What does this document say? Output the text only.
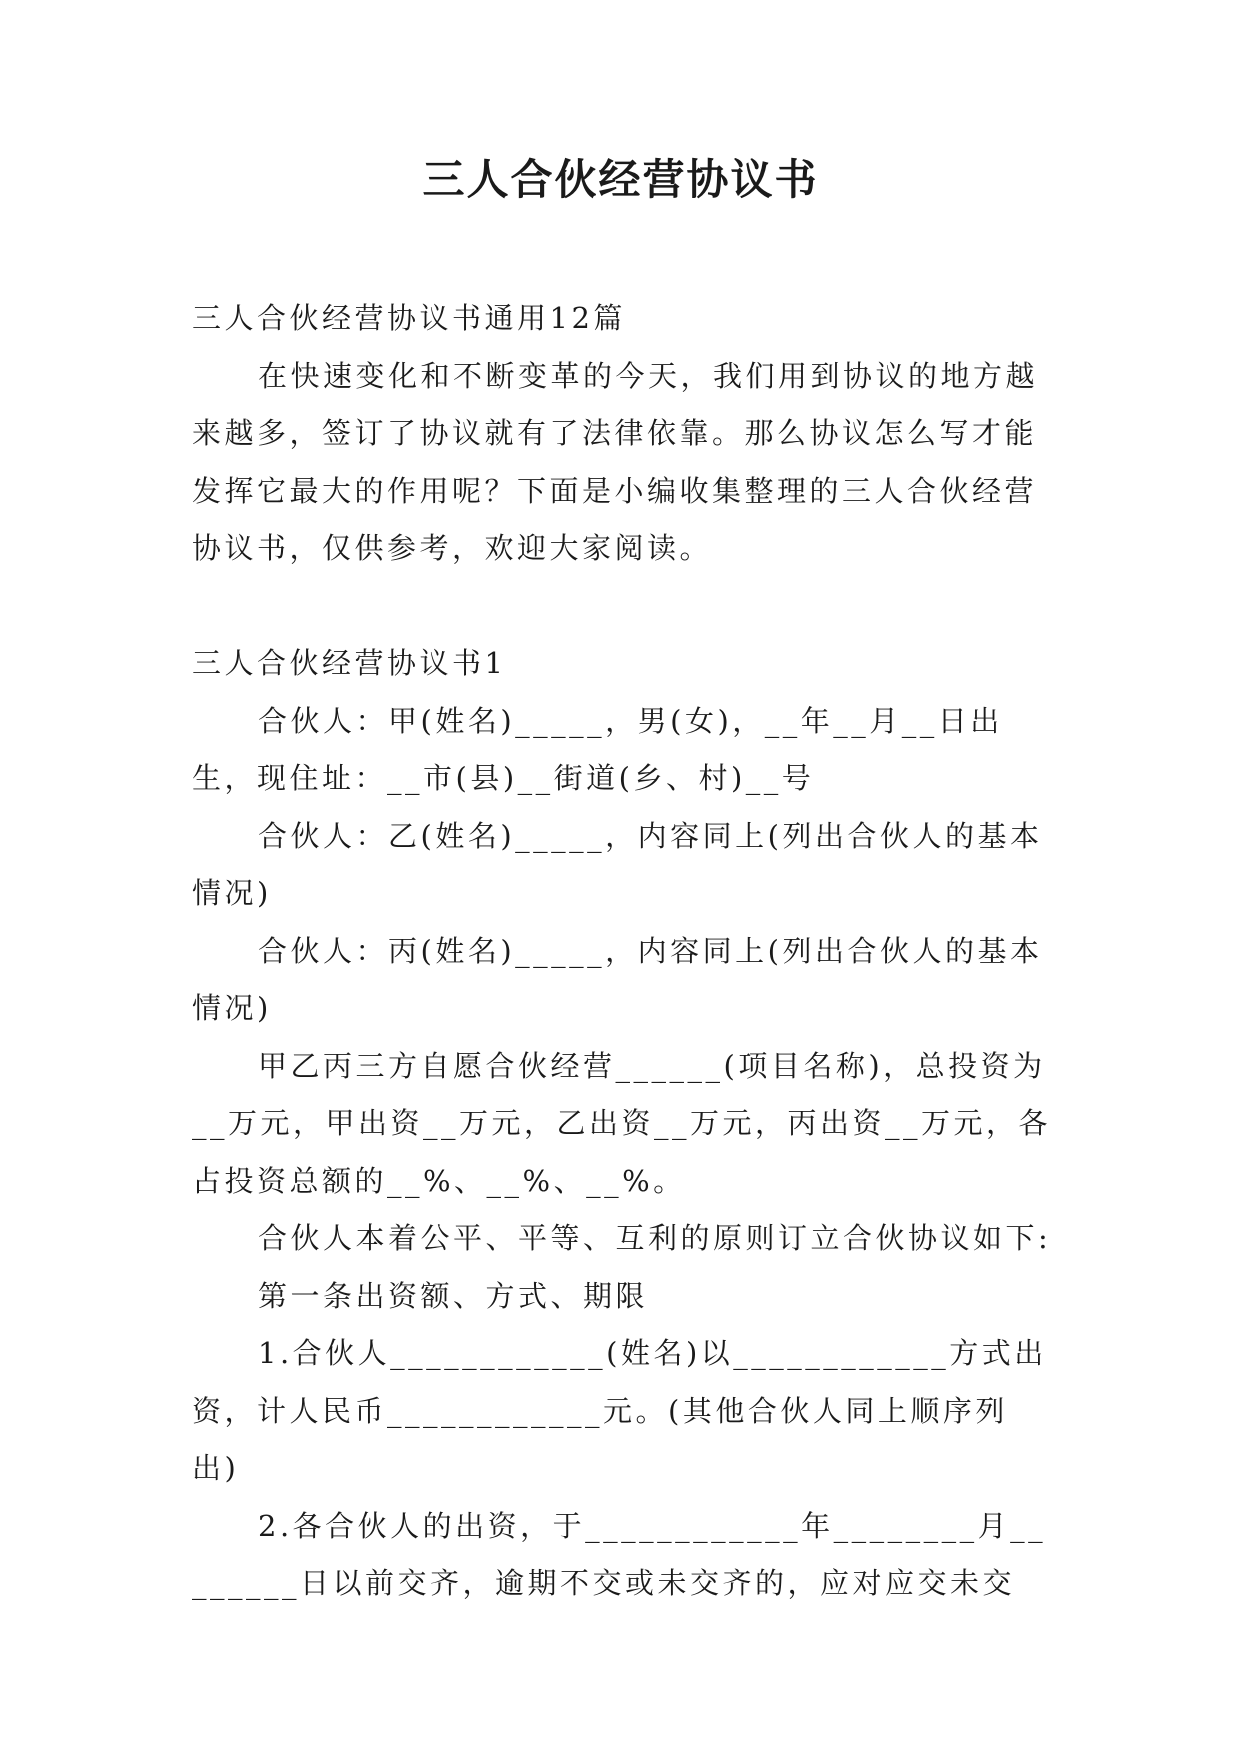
三人合伙经营协议书

三人合伙经营协议书通用12篇

在快速变化和不断变革的今天，我们用到协议的地方越来越多，签订了协议就有了法律依靠。那么协议怎么写才能发挥它最大的作用呢？下面是小编收集整理的三人合伙经营协议书，仅供参考，欢迎大家阅读。

三人合伙经营协议书1

合伙人：甲(姓名)_____，男(女)，__年__月__日出生，现住址：__市(县)__街道(乡、村)__号

合伙人：乙(姓名)_____，内容同上(列出合伙人的基本情况)

合伙人：丙(姓名)_____，内容同上(列出合伙人的基本情况)

甲乙丙三方自愿合伙经营______(项目名称)，总投资为__万元，甲出资__万元，乙出资__万元，丙出资__万元，各占投资总额的__%、__%、__%。

合伙人本着公平、平等、互利的原则订立合伙协议如下:

第一条出资额、方式、期限

1.合伙人____________(姓名)以____________方式出资，计人民币____________元。(其他合伙人同上顺序列出)

2.各合伙人的出资，于____________年________月________日以前交齐，逾期不交或未交齐的，应对应交未交
